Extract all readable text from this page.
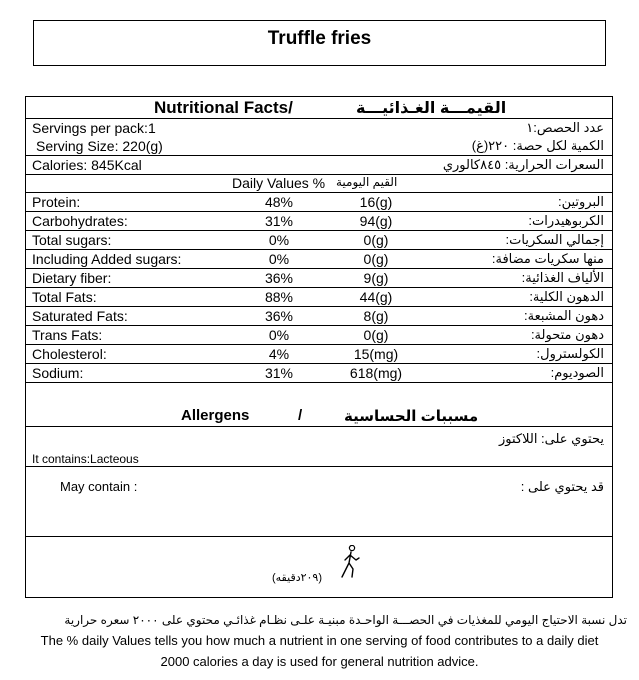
Truffle fries
Nutritional Facts/	القيمـــة الغـذائيـــة
Servings per pack:1	عدد الحصص:١
Serving Size: 220(g)	الكمية لكل حصة: ٢٢٠(غ)
Calories: 845Kcal	السعرات الحرارية: ٨٤٥كالوري
Daily Values % القيم اليومية
Protein:	48%	16(g)	البروتين:
Carbohydrates:	31%	94(g)	الكربوهيدرات:
Total sugars:	0%	0(g)	إجمالي السكريات:
Including Added sugars:	0%	0(g)	منها سكريات مضافة:
Dietary fiber:	36%	9(g)	الألياف الغذائية:
Total Fats:	88%	44(g)	الدهون الكلية:
Saturated Fats:	36%	8(g)	دهون المشبعة:
Trans Fats:	0%	0(g)	دهون متحولة:
Cholesterol:	4%	15(mg)	الكولسترول:
Sodium:	31%	618(mg)	الصوديوم:
Allergens	/	مسببات الحساسية
يحتوي على: اللاكتوز
It contains:Lacteous
May contain :	قد يحتوي على :
(٢٠٩دقيقه)
تدل نسبة الاحتياج اليومي للمغذيات في الحصـــة الواحـدة مبنيـة علـى نظـام غذائـي محتوي على ٢٠٠٠ سعره حرارية
The % daily Values tells you how much a nutrient in one serving of food contributes to a daily diet
2000 calories a day is used for general nutrition advice.
